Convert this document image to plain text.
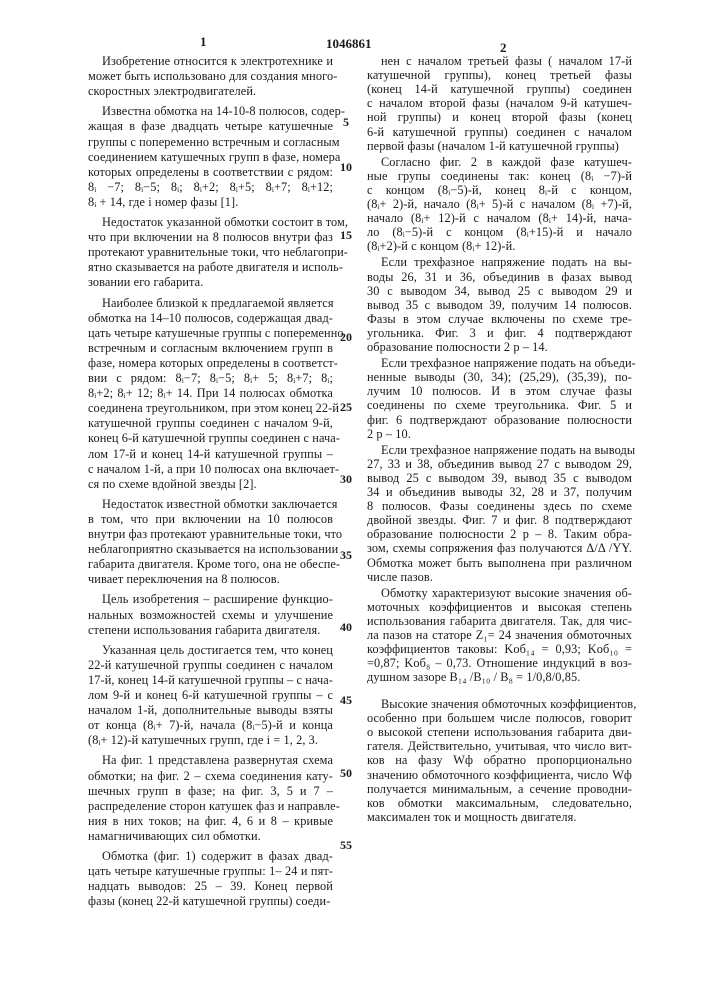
1	1046861	2
Изобретение относится к электротехнике и
может быть использовано для создания много-
скоростных электродвигателей.
Известна обмотка на 14-10-8 полюсов, содер-
жащая в фазе двадцать четыре катушечные
группы с попеременно встречным и согласным
соединением катушечных групп в фазе, номера
которых определены в соответствии с рядом:
8ᵢ −7; 8ᵢ−5; 8ᵢ; 8ᵢ+2; 8ᵢ+5; 8ᵢ+7; 8ᵢ+12;
8ᵢ + 14, где i номер фазы [1].
Недостаток указанной обмотки состоит в том,
что при включении на 8 полюсов внутри фаз
протекают уравнительные токи, что неблагопри-
ятно сказывается на работе двигателя и исполь-
зовании его габарита.
Наиболее близкой к предлагаемой является
обмотка на 14–10 полюсов, содержащая двад-
цать четыре катушечные группы с попеременно
встречным и согласным включением групп в
фазе, номера которых определены в соответст-
вии с рядом: 8ᵢ−7; 8ᵢ−5; 8ᵢ+ 5; 8ᵢ+7; 8ᵢ;
8ᵢ+2; 8ᵢ+ 12; 8ᵢ+ 14. При 14 полюсах обмотка
соединена треугольником, при этом конец 22-й
катушечной группы соединен с началом 9-й,
конец 6-й катушечной группы соединен с нача-
лом 17-й и конец 14-й катушечной группы –
с началом 1-й, а при 10 полюсах она включает-
ся по схеме вдойной звезды [2].
Недостаток известной обмотки заключается
в том, что при включении на 10 полюсов
внутри фаз протекают уравнительные токи, что
неблагоприятно сказывается на использовании
габарита двигателя. Кроме того, она не обеспе-
чивает переключения на 8 полюсов.
Цель изобретения – расширение функцио-
нальных возможностей схемы и улучшение
степени использования габарита двигателя.
Указанная цель достигается тем, что конец
22-й катушечной группы соединен с началом
17-й, конец 14-й катушечной группы – с нача-
лом 9-й и конец 6-й катушечной группы – с
началом 1-й, дополнительные выводы взяты
от конца (8ᵢ+ 7)-й, начала (8ᵢ−5)-й и конца
(8ᵢ+ 12)-й катушечных групп, где i = 1, 2, 3.
На фиг. 1 представлена развернутая схема
обмотки; на фиг. 2 – схема соединения кату-
шечных групп в фазе; на фиг. 3, 5 и 7 –
распределение сторон катушек фаз и направле-
ния в них токов; на фиг. 4, 6 и 8 – кривые
намагничивающих сил обмотки.
Обмотка (фиг. 1) содержит в фазах двад-
цать четыре катушечные группы: 1– 24 и пят-
надцать выводов: 25 – 39. Конец первой
фазы (конец 22-й катушечной группы) соеди-
нен с началом третьей фазы ( началом 17-й
катушечной группы), конец третьей фазы
(конец 14-й катушечной группы) соединен
с началом второй фазы (началом 9-й катушеч-
ной группы) и конец второй фазы (конец
6-й катушечной группы) соединен с началом
первой фазы (началом 1-й катушечной группы)
Согласно фиг. 2 в каждой фазе катушеч-
ные групы соединены так: конец (8ᵢ −7)-й
с концом (8ᵢ−5)-й, конец 8ᵢ-й с концом,
(8ᵢ+ 2)-й, начало (8ᵢ+ 5)-й с началом (8ᵢ +7)-й,
начало (8ᵢ+ 12)-й с началом (8ᵢ+ 14)-й, нача-
ло (8ᵢ−5)-й с концом (8ᵢ+15)-й и начало
(8ᵢ+2)-й с концом (8ᵢ+ 12)-й.
Если трехфазное напряжение подать на вы-
воды 26, 31 и 36, объединив в фазах вывод
30 с выводом 34, вывод 25 с выводом 29 и
вывод 35 с выводом 39, получим 14 полюсов.
Фазы в этом случае включены по схеме тре-
угольника. Фиг. 3 и фиг. 4 подтверждают
образование полюсности 2 р – 14.
Если трехфазное напряжение подать на объеди-
ненные выводы (30, 34); (25,29), (35,39), по-
лучим 10 полюсов. И в этом случае фазы
соединены по схеме треугольника. Фиг. 5 и
фиг. 6 подтверждают образование полюсности
2 р – 10.
Если трехфазное напряжение подать на выводы
27, 33 и 38, объединив вывод 27 с выводом 29,
вывод 25 с выводом 39, вывод 35 с выводом
34 и объединив выводы 32, 28 и 37, получим
8 полюсов. Фазы соединены здесь по схеме
двойной звезды. Фиг. 7 и фиг. 8 подтверждают
образование полюсности 2 р – 8. Таким обра-
зом, схемы сопряжения фаз получаются Δ/Δ /YY.
Обмотка может быть выполнена при различном
числе пазов.
Обмотку характеризуют высокие значения об-
моточных коэффициентов и высокая степень
использования габарита двигателя. Так, для чис-
ла пазов на статоре Z₁= 24 значения обмоточных
коэффициентов таковы: Kоб₁₄ = 0,93; Kоб₁₀ =
=0,87; Kоб₈ – 0,73. Отношение индукций в воз-
душном зазоре B₁₄ /B₁₀ / B₈ = 1/0,8/0,85.
Высокие значения обмоточных коэффициентов,
особенно при большем числе полюсов, говорит
о высокой степени использования габарита дви-
гателя. Действительно, учитывая, что число вит-
ков на фазу Wф обратно пропорционально
значению обмоточного коэффициента, число Wф
получается минимальным, а сечение проводни-
ков обмотки максимальным, следовательно,
максимален ток и мощность двигателя.
5
10
15
20
25
30
35
40
45
50
55
